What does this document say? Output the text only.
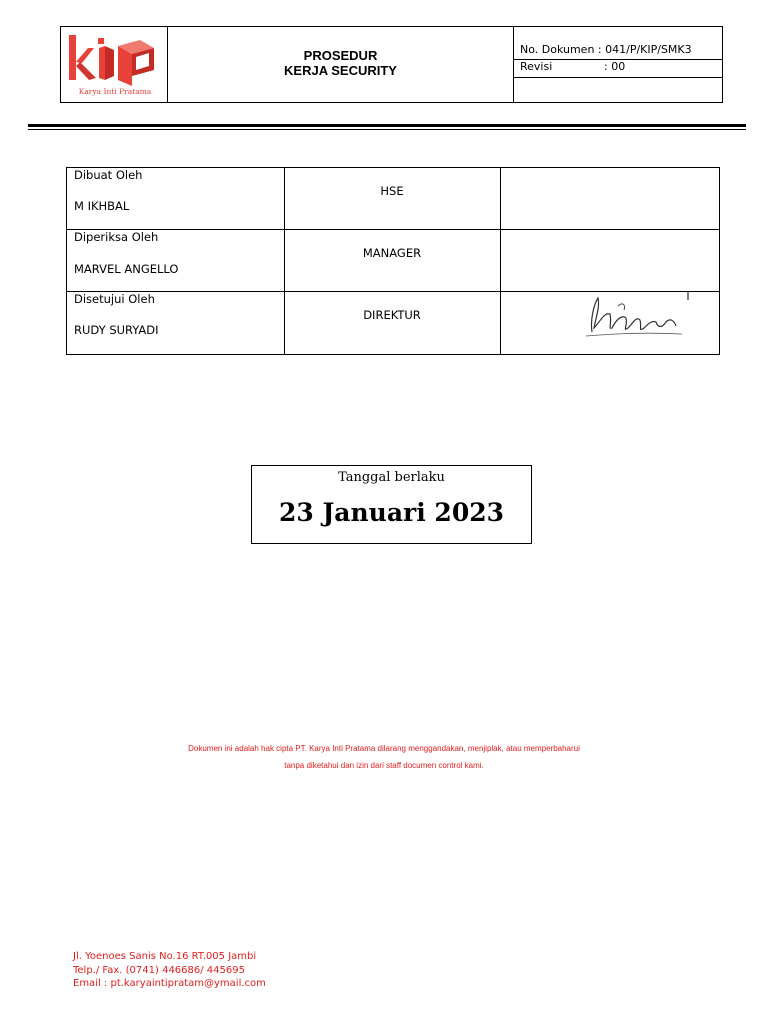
Karya Inti Pratama
PROSEDUR
KERJA SECURITY
No. Dokumen : 041/P/KIP/SMK3
Revisi	: 00
Dibuat Oleh
M IKHBAL
HSE
Diperiksa Oleh
MARVEL ANGELLO
MANAGER
Disetujui Oleh
RUDY SURYADI
DIREKTUR
Tanggal berlaku
23 Januari 2023
Dokumen ini adalah hak cipta PT. Karya Inti Pratama dilarang menggandakan, menjiplak, atau memperbaharui
tanpa diketahui dan izin dari staff documen control kami.
Jl. Yoenoes Sanis No.16 RT.005 Jambi
Telp./ Fax. (0741) 446686/ 445695
Email : pt.karyaintipratam@ymail.com
